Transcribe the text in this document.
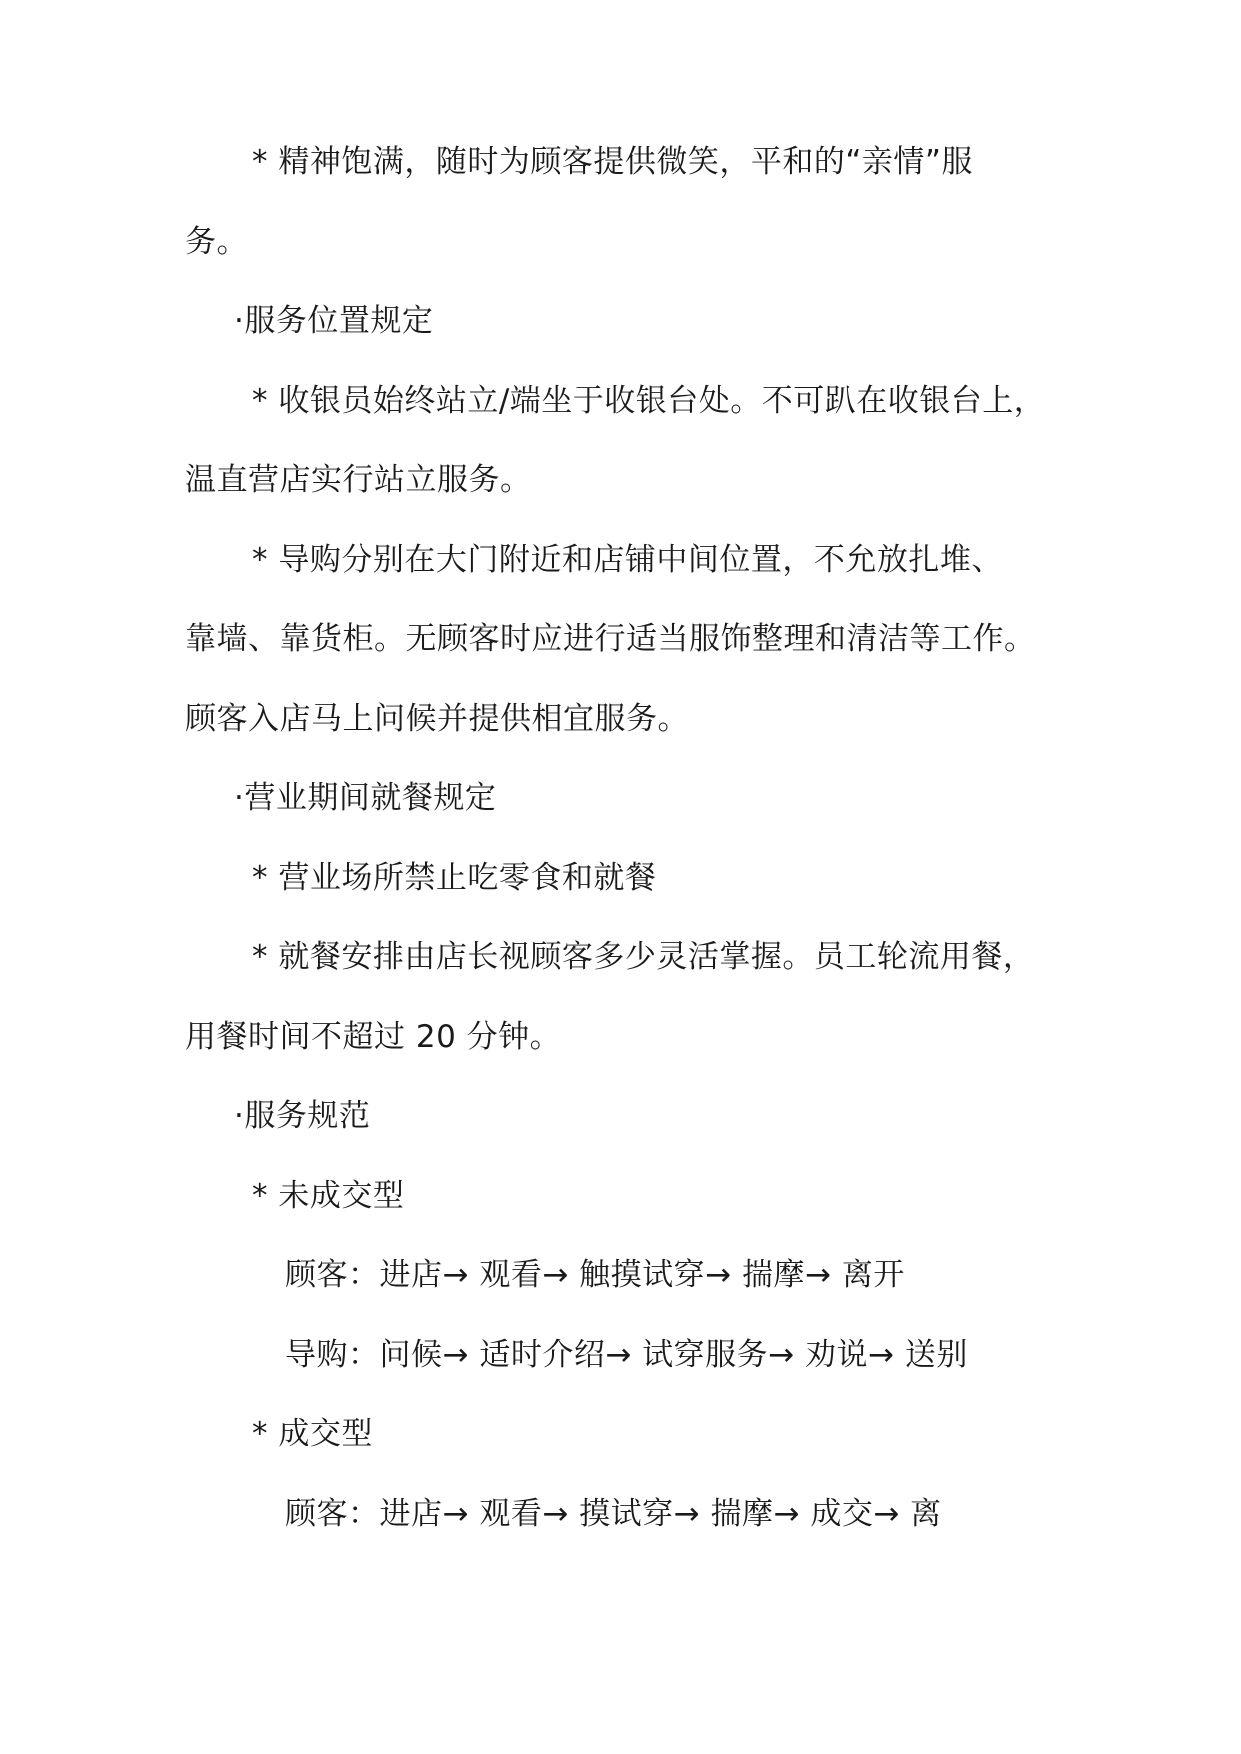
* 精神饱满，随时为顾客提供微笑，平和的“亲情”服
务。
·服务位置规定
* 收银员始终站立/端坐于收银台处。不可趴在收银台上，
温直营店实行站立服务。
* 导购分别在大门附近和店铺中间位置，不允放扎堆、
靠墙、靠货柜。无顾客时应进行适当服饰整理和清洁等工作。
顾客入店马上问候并提供相宜服务。
·营业期间就餐规定
* 营业场所禁止吃零食和就餐
* 就餐安排由店长视顾客多少灵活掌握。员工轮流用餐，
用餐时间不超过 20 分钟。
·服务规范
* 未成交型
顾客：进店→ 观看→ 触摸试穿→ 揣摩→ 离开
导购：问候→ 适时介绍→ 试穿服务→ 劝说→ 送别
* 成交型
顾客：进店→ 观看→ 摸试穿→ 揣摩→ 成交→ 离
